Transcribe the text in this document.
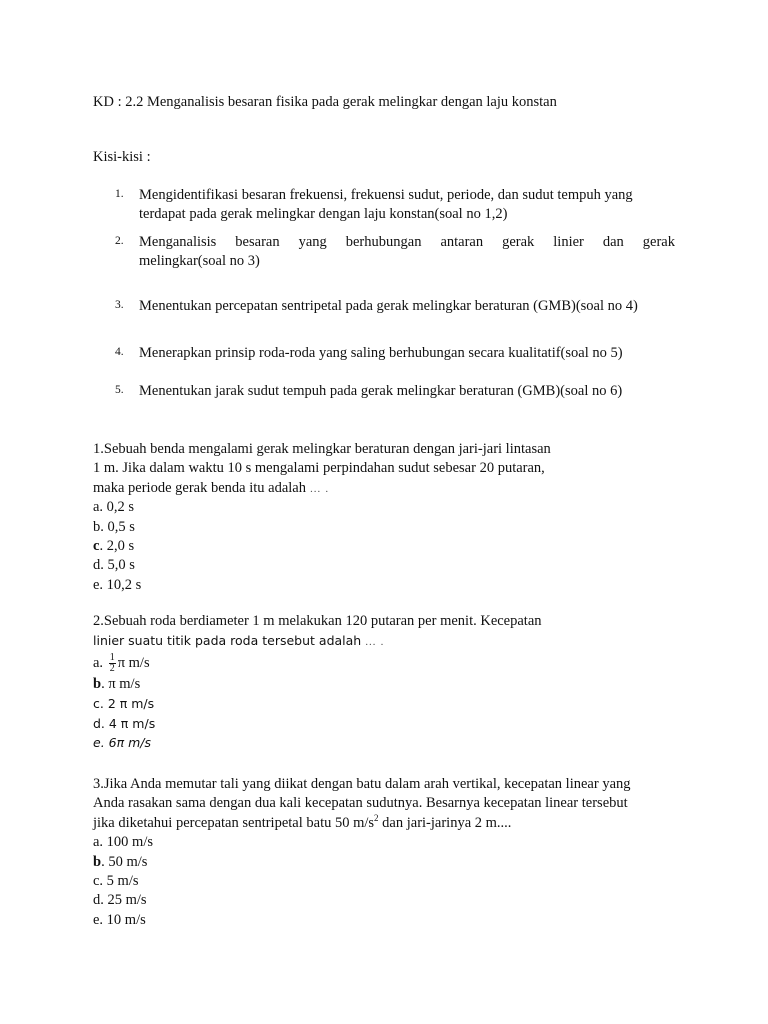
KD : 2.2 Menganalisis besaran fisika pada gerak melingkar dengan laju konstan
Kisi-kisi :
1. Mengidentifikasi besaran frekuensi, frekuensi sudut, periode, dan sudut tempuh yang
terdapat pada gerak melingkar dengan laju konstan(soal no 1,2)
2. Menganalisis besaran yang berhubungan antaran gerak linier dan gerak
melingkar(soal no 3)
3. Menentukan percepatan sentripetal pada gerak melingkar beraturan (GMB)(soal no 4)
4. Menerapkan prinsip roda-roda yang saling berhubungan secara kualitatif(soal no 5)
5. Menentukan jarak sudut tempuh pada gerak melingkar beraturan (GMB)(soal no 6)
1.Sebuah benda mengalami gerak melingkar beraturan dengan jari-jari lintasan
1 m. Jika dalam waktu 10 s mengalami perpindahan sudut sebesar 20 putaran,
maka periode gerak benda itu adalah … .
a. 0,2 s
b. 0,5 s
c. 2,0 s
d. 5,0 s
e. 10,2 s
2.Sebuah roda berdiameter 1 m melakukan 120 putaran per menit. Kecepatan
linier suatu titik pada roda tersebut adalah … .
a. $\frac{1}{2}$ π m/s
b. π m/s
c. 2 π m/s
d. 4 π m/s
e. 6π m/s
3.Jika Anda memutar tali yang diikat dengan batu dalam arah vertikal, kecepatan linear yang
Anda rasakan sama dengan dua kali kecepatan sudutnya. Besarnya kecepatan linear tersebut
jika diketahui percepatan sentripetal batu 50 $m/s^2$ dan jari-jarinya 2 m....
a. 100 m/s
b. 50 m/s
c. 5 m/s
d. 25 m/s
e. 10 m/s
